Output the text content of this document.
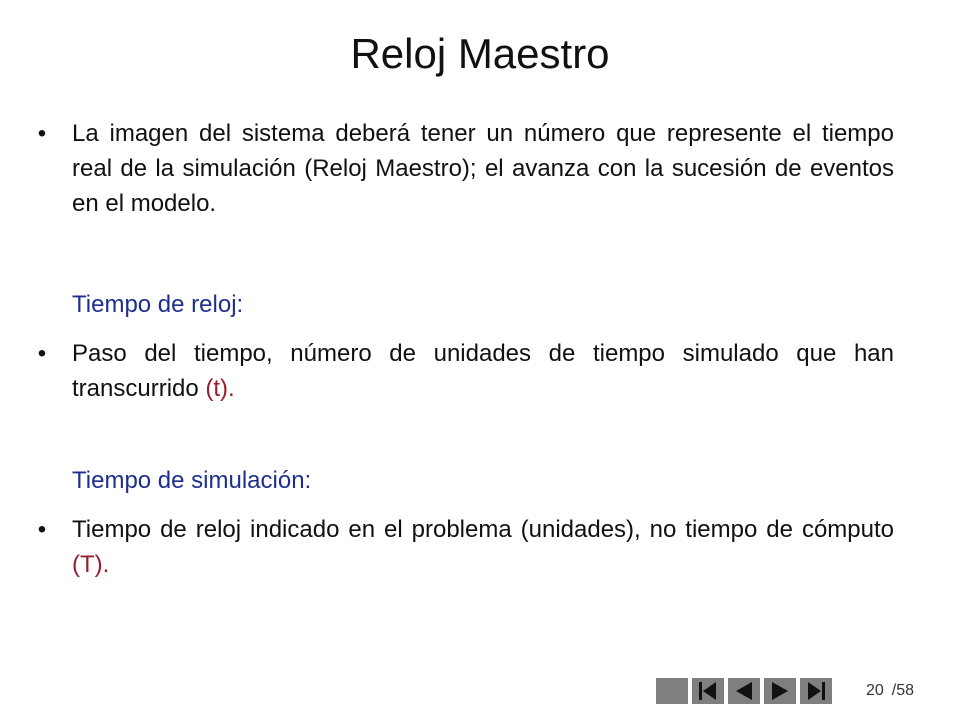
Reloj Maestro
• La imagen del sistema deberá tener un número que represente el tiempo real de la simulación (Reloj Maestro); el avanza con la sucesión de eventos en el modelo.
Tiempo de reloj:
• Paso del tiempo, número de unidades de tiempo simulado que han transcurrido (t).
Tiempo de simulación:
• Tiempo de reloj indicado en el problema (unidades), no tiempo de cómputo (T).
20 /58
